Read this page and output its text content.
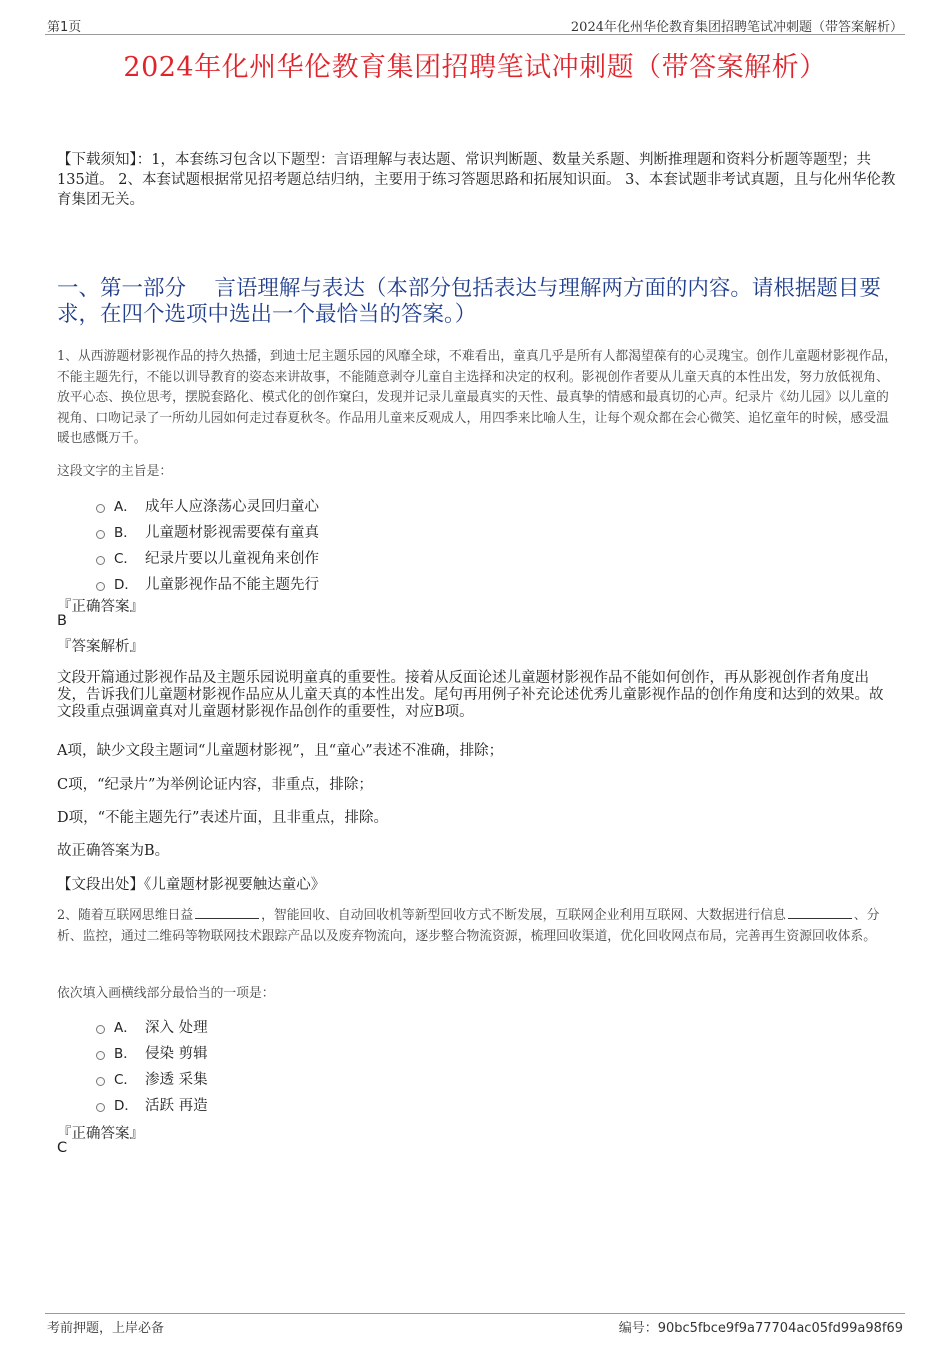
第1页	2024年化州华伦教育集团招聘笔试冲刺题（带答案解析）
2024年化州华伦教育集团招聘笔试冲刺题（带答案解析）
【下载须知】：1，本套练习包含以下题型：言语理解与表达题、常识判断题、数量关系题、判断推理题和资料分析题等题型；共135道。 2、本套试题根据常见招考题总结归纳，主要用于练习答题思路和拓展知识面。 3、本套试题非考试真题，且与化州华伦教育集团无关。
一、第一部分　 言语理解与表达（本部分包括表达与理解两方面的内容。请根据题目要求，在四个选项中选出一个最恰当的答案。）
1、从西游题材影视作品的持久热播，到迪士尼主题乐园的风靡全球，不难看出，童真几乎是所有人都渴望葆有的心灵瑰宝。创作儿童题材影视作品，不能主题先行，不能以训导教育的姿态来讲故事，不能随意剥夺儿童自主选择和决定的权利。影视创作者要从儿童天真的本性出发，努力放低视角、放平心态、换位思考，摆脱套路化、模式化的创作窠臼，发现并记录儿童最真实的天性、最真挚的情感和最真切的心声。纪录片《幼儿园》以儿童的视角、口吻记录了一所幼儿园如何走过春夏秋冬。作品用儿童来反观成人，用四季来比喻人生，让每个观众都在会心微笑、追忆童年的时候，感受温暖也感慨万千。
这段文字的主旨是：
A． 成年人应涤荡心灵回归童心
B． 儿童题材影视需要葆有童真
C． 纪录片要以儿童视角来创作
D． 儿童影视作品不能主题先行
『正确答案』
B
『答案解析』
文段开篇通过影视作品及主题乐园说明童真的重要性。接着从反面论述儿童题材影视作品不能如何创作，再从影视创作者角度出发，告诉我们儿童题材影视作品应从儿童天真的本性出发。尾句再用例子补充论述优秀儿童影视作品的创作角度和达到的效果。故文段重点强调童真对儿童题材影视作品创作的重要性，对应B项。
A项，缺少文段主题词“儿童题材影视”，且“童心”表述不准确，排除；
C项，“纪录片”为举例论证内容，非重点，排除；
D项，“不能主题先行”表述片面，且非重点，排除。
故正确答案为B。
【文段出处】《儿童题材影视要触达童心》
2、随着互联网思维日益	，智能回收、自动回收机等新型回收方式不断发展，互联网企业利用互联网、大数据进行信息	、分析、监控，通过二维码等物联网技术跟踪产品以及废弃物流向，逐步整合物流资源，梳理回收渠道，优化回收网点布局，完善再生资源回收体系。
依次填入画横线部分最恰当的一项是：
A． 深入 处理
B． 侵染 剪辑
C． 渗透 采集
D． 活跃 再造
『正确答案』
C
考前押题，上岸必备	编号：90bc5fbce9f9a77704ac05fd99a98f69
